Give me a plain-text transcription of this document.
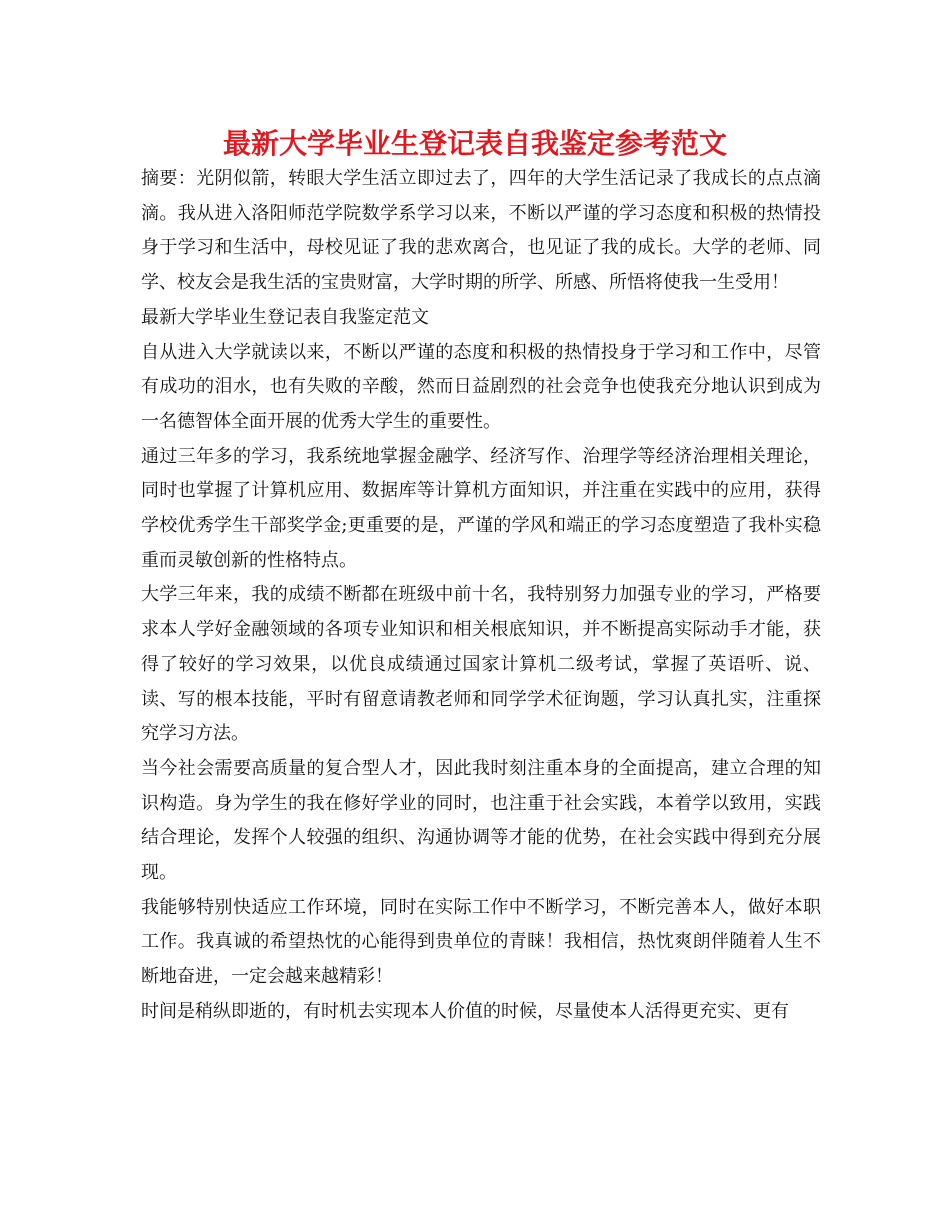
最新大学毕业生登记表自我鉴定参考范文

摘要：光阴似箭，转眼大学生活立即过去了，四年的大学生活记录了我成长的点点滴滴。我从进入洛阳师范学院数学系学习以来，不断以严谨的学习态度和积极的热情投身于学习和生活中，母校见证了我的悲欢离合，也见证了我的成长。大学的老师、同学、校友会是我生活的宝贵财富，大学时期的所学、所感、所悟将使我一生受用！

最新大学毕业生登记表自我鉴定范文

自从进入大学就读以来，不断以严谨的态度和积极的热情投身于学习和工作中，尽管有成功的泪水，也有失败的辛酸，然而日益剧烈的社会竞争也使我充分地认识到成为一名德智体全面开展的优秀大学生的重要性。

通过三年多的学习，我系统地掌握金融学、经济写作、治理学等经济治理相关理论，同时也掌握了计算机应用、数据库等计算机方面知识，并注重在实践中的应用，获得学校优秀学生干部奖学金;更重要的是，严谨的学风和端正的学习态度塑造了我朴实稳重而灵敏创新的性格特点。

大学三年来，我的成绩不断都在班级中前十名，我特别努力加强专业的学习，严格要求本人学好金融领域的各项专业知识和相关根底知识，并不断提高实际动手才能，获得了较好的学习效果，以优良成绩通过国家计算机二级考试，掌握了英语听、说、读、写的根本技能，平时有留意请教老师和同学学术征询题，学习认真扎实，注重探究学习方法。

当今社会需要高质量的复合型人才，因此我时刻注重本身的全面提高，建立合理的知识构造。身为学生的我在修好学业的同时，也注重于社会实践，本着学以致用，实践结合理论，发挥个人较强的组织、沟通协调等才能的优势，在社会实践中得到充分展现。

我能够特别快适应工作环境，同时在实际工作中不断学习，不断完善本人，做好本职工作。我真诚的希望热忱的心能得到贵单位的青睐！我相信，热忱爽朗伴随着人生不断地奋进，一定会越来越精彩！

时间是稍纵即逝的，有时机去实现本人价值的时候，尽量使本人活得更充实、更有
